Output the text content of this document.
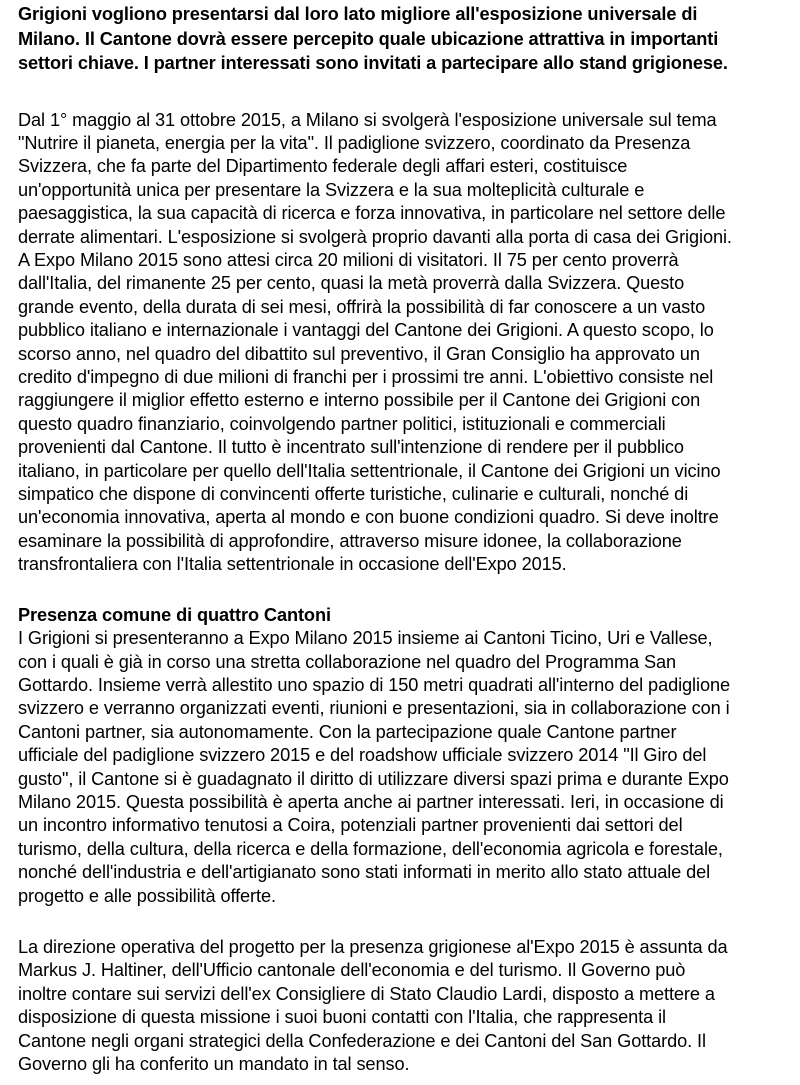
Grigioni vogliono presentarsi dal loro lato migliore all'esposizione universale di
Milano. Il Cantone dovrà essere percepito quale ubicazione attrattiva in importanti
settori chiave. I partner interessati sono invitati a partecipare allo stand grigionese.

Dal 1° maggio al 31 ottobre 2015, a Milano si svolgerà l'esposizione universale sul tema
"Nutrire il pianeta, energia per la vita". Il padiglione svizzero, coordinato da Presenza
Svizzera, che fa parte del Dipartimento federale degli affari esteri, costituisce
un'opportunità unica per presentare la Svizzera e la sua molteplicità culturale e
paesaggistica, la sua capacità di ricerca e forza innovativa, in particolare nel settore delle
derrate alimentari. L'esposizione si svolgerà proprio davanti alla porta di casa dei Grigioni.
A Expo Milano 2015 sono attesi circa 20 milioni di visitatori. Il 75 per cento proverrà
dall'Italia, del rimanente 25 per cento, quasi la metà proverrà dalla Svizzera. Questo
grande evento, della durata di sei mesi, offrirà la possibilità di far conoscere a un vasto
pubblico italiano e internazionale i vantaggi del Cantone dei Grigioni. A questo scopo, lo
scorso anno, nel quadro del dibattito sul preventivo, il Gran Consiglio ha approvato un
credito d'impegno di due milioni di franchi per i prossimi tre anni. L'obiettivo consiste nel
raggiungere il miglior effetto esterno e interno possibile per il Cantone dei Grigioni con
questo quadro finanziario, coinvolgendo partner politici, istituzionali e commerciali
provenienti dal Cantone. Il tutto è incentrato sull'intenzione di rendere per il pubblico
italiano, in particolare per quello dell'Italia settentrionale, il Cantone dei Grigioni un vicino
simpatico che dispone di convincenti offerte turistiche, culinarie e culturali, nonché di
un'economia innovativa, aperta al mondo e con buone condizioni quadro. Si deve inoltre
esaminare la possibilità di approfondire, attraverso misure idonee, la collaborazione
transfrontaliera con l'Italia settentrionale in occasione dell'Expo 2015.

Presenza comune di quattro Cantoni

I Grigioni si presenteranno a Expo Milano 2015 insieme ai Cantoni Ticino, Uri e Vallese,
con i quali è già in corso una stretta collaborazione nel quadro del Programma San
Gottardo. Insieme verrà allestito uno spazio di 150 metri quadrati all'interno del padiglione
svizzero e verranno organizzati eventi, riunioni e presentazioni, sia in collaborazione con i
Cantoni partner, sia autonomamente. Con la partecipazione quale Cantone partner
ufficiale del padiglione svizzero 2015 e del roadshow ufficiale svizzero 2014 "Il Giro del
gusto", il Cantone si è guadagnato il diritto di utilizzare diversi spazi prima e durante Expo
Milano 2015. Questa possibilità è aperta anche ai partner interessati. Ieri, in occasione di
un incontro informativo tenutosi a Coira, potenziali partner provenienti dai settori del
turismo, della cultura, della ricerca e della formazione, dell'economia agricola e forestale,
nonché dell'industria e dell'artigianato sono stati informati in merito allo stato attuale del
progetto e alle possibilità offerte.

La direzione operativa del progetto per la presenza grigionese al'Expo 2015 è assunta da
Markus J. Haltiner, dell'Ufficio cantonale dell'economia e del turismo. Il Governo può
inoltre contare sui servizi dell'ex Consigliere di Stato Claudio Lardi, disposto a mettere a
disposizione di questa missione i suoi buoni contatti con l'Italia, che rappresenta il
Cantone negli organi strategici della Confederazione e dei Cantoni del San Gottardo. Il
Governo gli ha conferito un mandato in tal senso.
